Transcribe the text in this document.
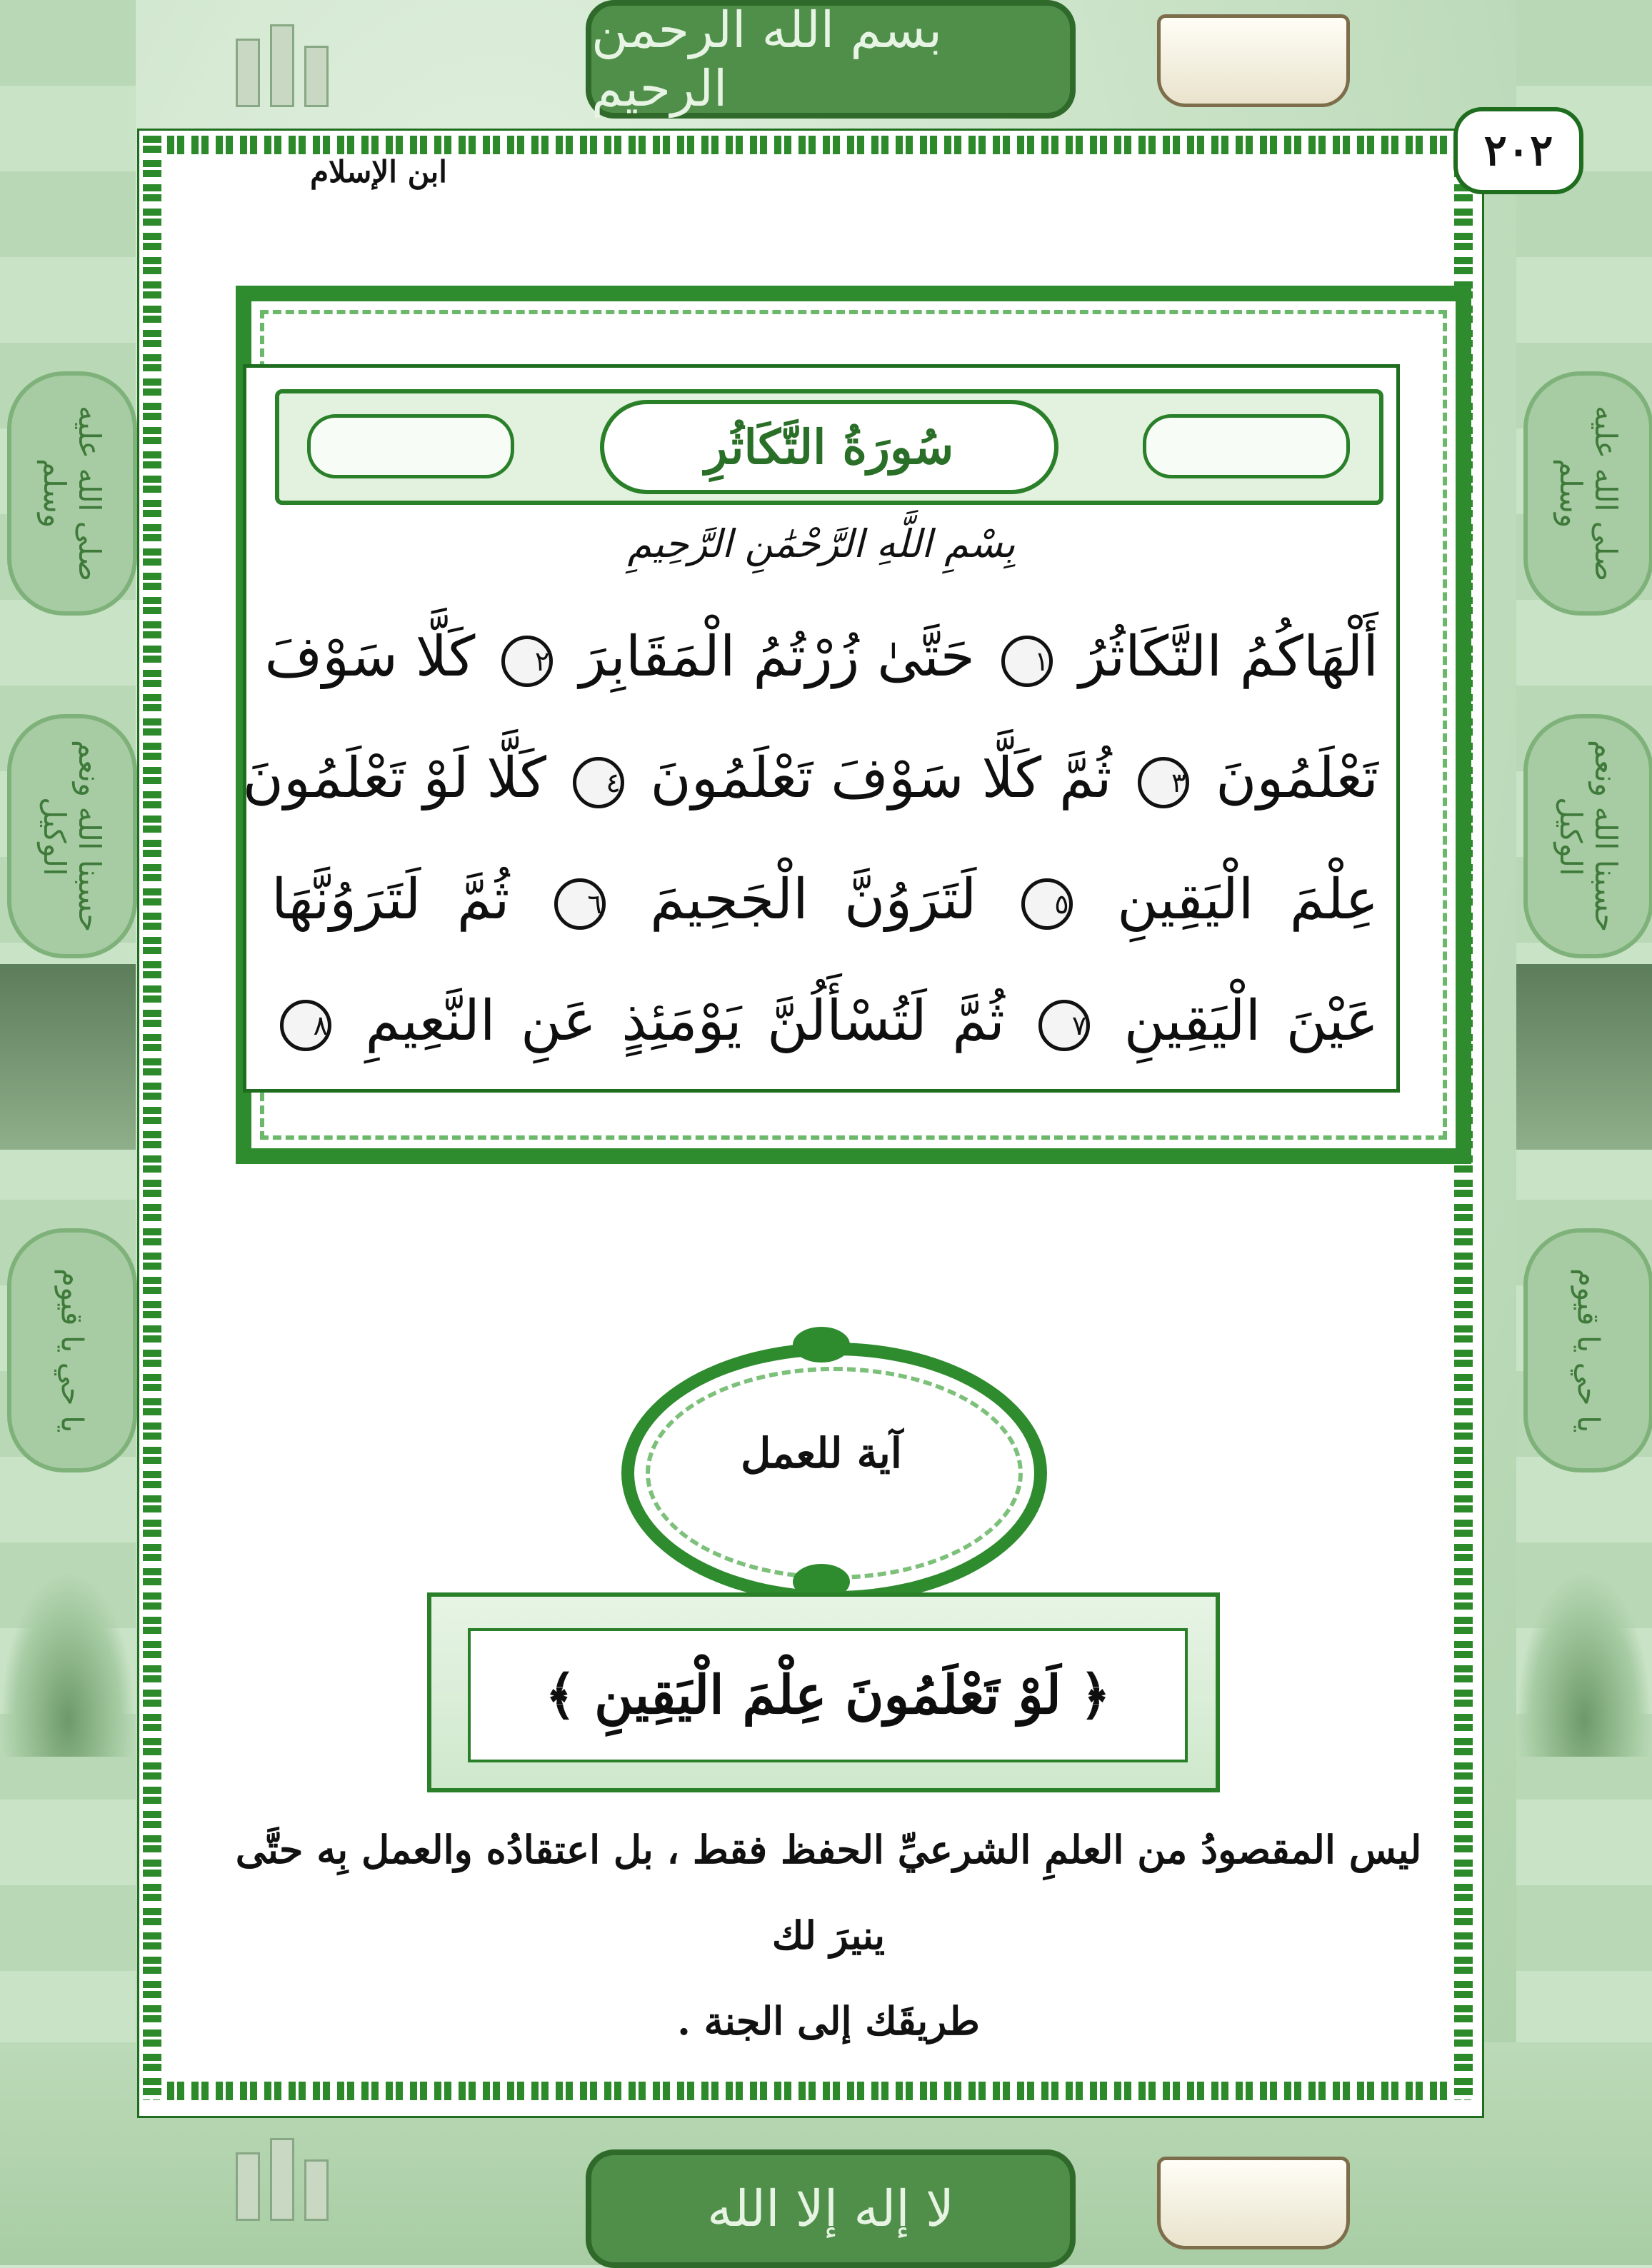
صلى الله عليه وسلم	صلى الله عليه وسلم
حسبنا الله ونعم الوكيل	حسبنا الله ونعم الوكيل
يا حي يا قيوم	يا حي يا قيوم
بسم الله الرحمن الرحيم
لا إله إلا الله
٢٠٢
ابن الإسلام
سُورَةُ التَّكَاثُرِ
بِسْمِ اللَّهِ الرَّحْمَٰنِ الرَّحِيمِ
أَلْهَاكُمُ التَّكَاثُرُ ١ حَتَّىٰ زُرْتُمُ الْمَقَابِرَ ٢ كَلَّا سَوْفَ
تَعْلَمُونَ ٣ ثُمَّ كَلَّا سَوْفَ تَعْلَمُونَ ٤ كَلَّا لَوْ تَعْلَمُونَ
عِلْمَ الْيَقِينِ ٥ لَتَرَوُنَّ الْجَحِيمَ ٦ ثُمَّ لَتَرَوُنَّهَا
عَيْنَ الْيَقِينِ ٧ ثُمَّ لَتُسْأَلُنَّ يَوْمَئِذٍ عَنِ النَّعِيمِ ٨
آية للعمل
﴿ لَوْ تَعْلَمُونَ عِلْمَ الْيَقِينِ ﴾
ليس المقصودُ من العلمِ الشرعيِّ الحفظ فقط ، بل اعتقادُه والعمل بِه حتَّى ينيرَ لك
طريقَك إلى الجنة .
